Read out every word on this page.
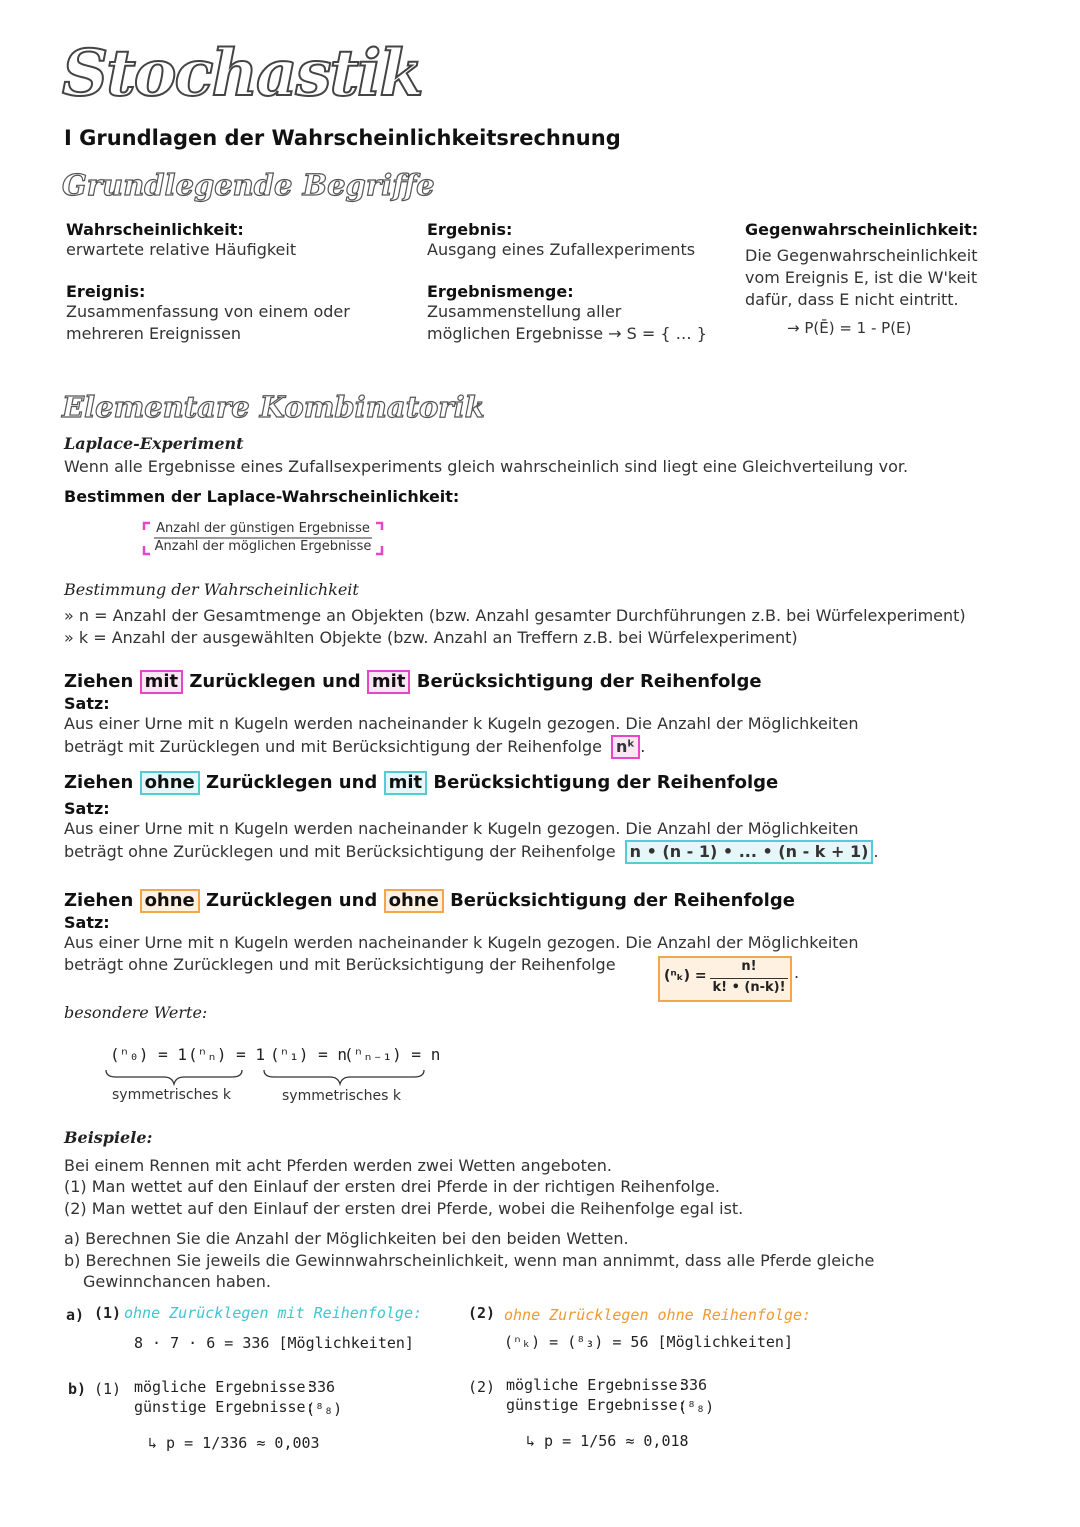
Stochastik
I Grundlagen der Wahrscheinlichkeitsrechnung
Grundlegende Begriffe
Wahrscheinlichkeit:
erwartete relative Häufigkeit
Ereignis:
Zusammenfassung von einem oder
mehreren Ereignissen
Ergebnis:
Ausgang eines Zufallexperiments
Ergebnismenge:
Zusammenstellung aller
möglichen Ergebnisse → S = { … }
Gegenwahrscheinlichkeit:
Die Gegenwahrscheinlichkeit
vom Ereignis E, ist die W'keit
dafür, dass E nicht eintritt.
→ P(Ē) = 1 - P(E)
Elementare Kombinatorik
Laplace-Experiment
Wenn alle Ergebnisse eines Zufallsexperiments gleich wahrscheinlich sind liegt eine Gleichverteilung vor.
Bestimmen der Laplace-Wahrscheinlichkeit:
Anzahl der günstigen Ergebnisse
Anzahl der möglichen Ergebnisse
Bestimmung der Wahrscheinlichkeit
» n = Anzahl der Gesamtmenge an Objekten (bzw. Anzahl gesamter Durchführungen z.B. bei Würfelexperiment)
» k = Anzahl der ausgewählten Objekte (bzw. Anzahl an Treffern z.B. bei Würfelexperiment)
Ziehen mit Zurücklegen und mit Berücksichtigung der Reihenfolge
Satz:
Aus einer Urne mit n Kugeln werden nacheinander k Kugeln gezogen. Die Anzahl der Möglichkeiten
beträgt mit Zurücklegen und mit Berücksichtigung der Reihenfolge nᵏ .
Ziehen ohne Zurücklegen und mit Berücksichtigung der Reihenfolge
Satz:
Aus einer Urne mit n Kugeln werden nacheinander k Kugeln gezogen. Die Anzahl der Möglichkeiten
beträgt ohne Zurücklegen und mit Berücksichtigung der Reihenfolge n • (n - 1) • ... • (n - k + 1) .
Ziehen ohne Zurücklegen und ohne Berücksichtigung der Reihenfolge
Satz:
Aus einer Urne mit n Kugeln werden nacheinander k Kugeln gezogen. Die Anzahl der Möglichkeiten
beträgt ohne Zurücklegen und mit Berücksichtigung der Reihenfolge
(ⁿₖ) =
n!
k! • (n-k)!
.
besondere Werte:
(ⁿ₀) = 1 (ⁿₙ) = 1 (ⁿ₁) = n
(ⁿₙ₋₁) = n
symmetrisches k	symmetrisches k
Beispiele:
Bei einem Rennen mit acht Pferden werden zwei Wetten angeboten.
(1) Man wettet auf den Einlauf der ersten drei Pferde in der richtigen Reihenfolge.
(2) Man wettet auf den Einlauf der ersten drei Pferde, wobei die Reihenfolge egal ist.
a) Berechnen Sie die Anzahl der Möglichkeiten bei den beiden Wetten.
b) Berechnen Sie jeweils die Gewinnwahrscheinlichkeit, wenn man annimmt, dass alle Pferde gleiche
Gewinnchancen haben.
a) (1) ohne Zurücklegen mit Reihenfolge:
8 · 7 · 6 = 336 [Möglichkeiten]
(2) ohne Zurücklegen ohne Reihenfolge:
(ⁿₖ) = (⁸₃) = 56 [Möglichkeiten]
b) (1) mögliche Ergebnisse:
336
günstige Ergebnisse:
(⁸₈)
↳ p = 1/336 ≈ 0,003
(2) mögliche Ergebnisse:
336
günstige Ergebnisse:
(⁸₈)
↳ p = 1/56 ≈ 0,018
